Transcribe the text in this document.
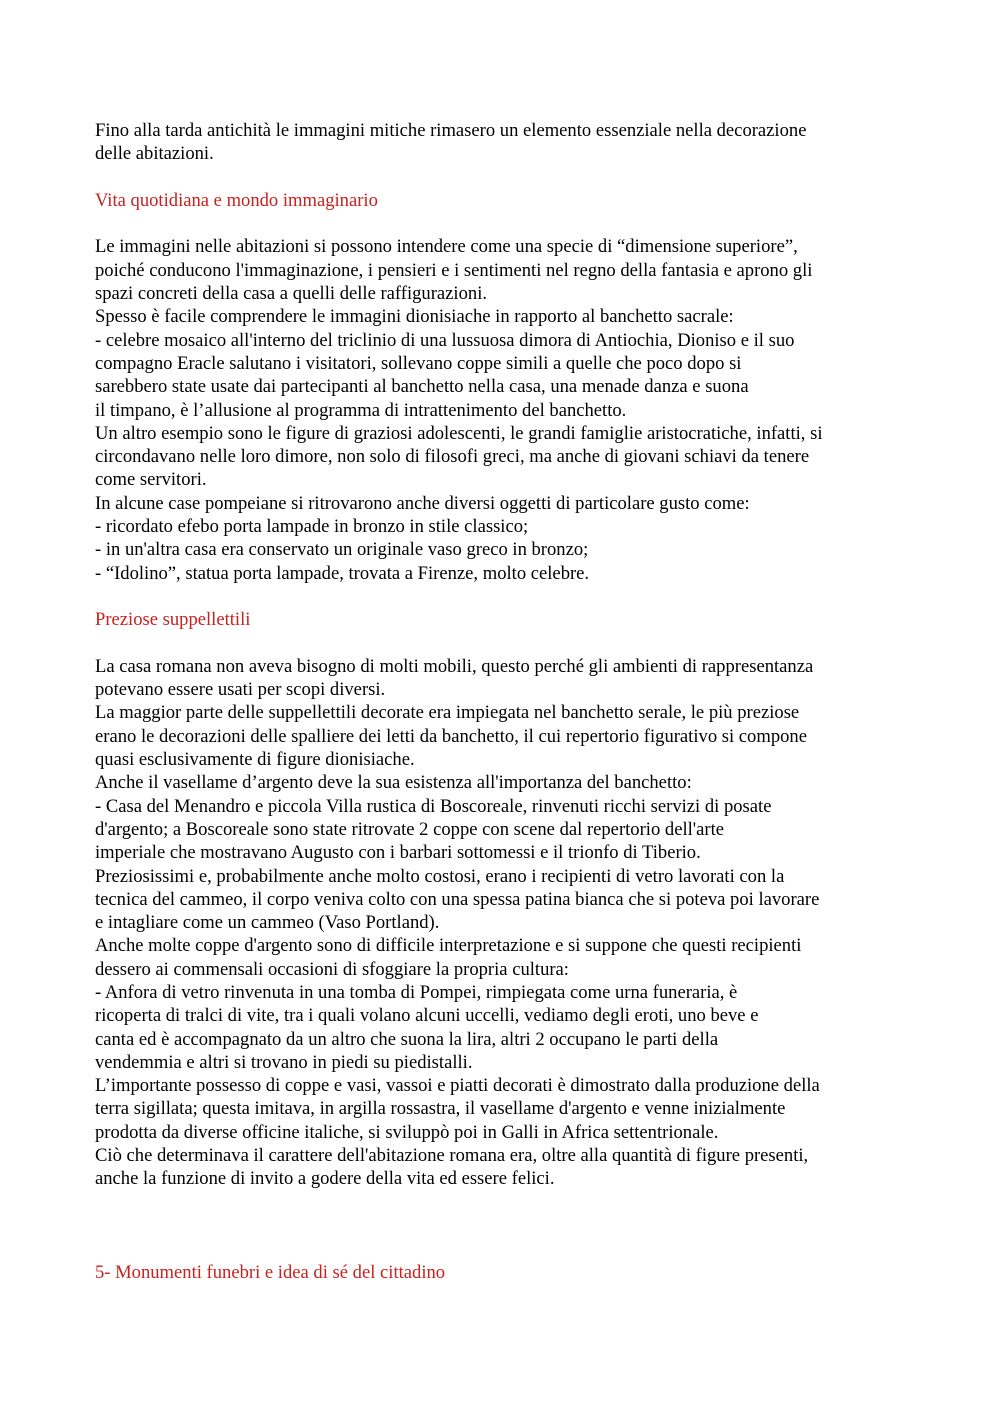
Fino alla tarda antichità le immagini mitiche rimasero un elemento essenziale nella decorazione
delle abitazioni.
Vita quotidiana e mondo immaginario
Le immagini nelle abitazioni si possono intendere come una specie di “dimensione superiore”,
poiché conducono l'immaginazione, i pensieri e i sentimenti nel regno della fantasia e aprono gli
spazi concreti della casa a quelli delle raffigurazioni.
Spesso è facile comprendere le immagini dionisiache in rapporto al banchetto sacrale:
- celebre mosaico all'interno del triclinio di una lussuosa dimora di Antiochia, Dioniso e il suo
compagno Eracle salutano i visitatori, sollevano coppe simili a quelle che poco dopo si
sarebbero state usate dai partecipanti al banchetto nella casa, una menade danza e suona
il timpano, è l’allusione al programma di intrattenimento del banchetto.
Un altro esempio sono le figure di graziosi adolescenti, le grandi famiglie aristocratiche, infatti, si
circondavano nelle loro dimore, non solo di filosofi greci, ma anche di giovani schiavi da tenere
come servitori.
In alcune case pompeiane si ritrovarono anche diversi oggetti di particolare gusto come:
- ricordato efebo porta lampade in bronzo in stile classico;
- in un'altra casa era conservato un originale vaso greco in bronzo;
- “Idolino”, statua porta lampade, trovata a Firenze, molto celebre.
Preziose suppellettili
La casa romana non aveva bisogno di molti mobili, questo perché gli ambienti di rappresentanza
potevano essere usati per scopi diversi.
La maggior parte delle suppellettili decorate era impiegata nel banchetto serale, le più preziose
erano le decorazioni delle spalliere dei letti da banchetto, il cui repertorio figurativo si compone
quasi esclusivamente di figure dionisiache.
Anche il vasellame d’argento deve la sua esistenza all'importanza del banchetto:
- Casa del Menandro e piccola Villa rustica di Boscoreale, rinvenuti ricchi servizi di posate
d'argento; a Boscoreale sono state ritrovate 2 coppe con scene dal repertorio dell'arte
imperiale che mostravano Augusto con i barbari sottomessi e il trionfo di Tiberio.
Preziosissimi e, probabilmente anche molto costosi, erano i recipienti di vetro lavorati con la
tecnica del cammeo, il corpo veniva colto con una spessa patina bianca che si poteva poi lavorare
e intagliare come un cammeo (Vaso Portland).
Anche molte coppe d'argento sono di difficile interpretazione e si suppone che questi recipienti
dessero ai commensali occasioni di sfoggiare la propria cultura:
- Anfora di vetro rinvenuta in una tomba di Pompei, rimpiegata come urna funeraria, è
ricoperta di tralci di vite, tra i quali volano alcuni uccelli, vediamo degli eroti, uno beve e
canta ed è accompagnato da un altro che suona la lira, altri 2 occupano le parti della
vendemmia e altri si trovano in piedi su piedistalli.
L’importante possesso di coppe e vasi, vassoi e piatti decorati è dimostrato dalla produzione della
terra sigillata; questa imitava, in argilla rossastra, il vasellame d'argento e venne inizialmente
prodotta da diverse officine italiche, si sviluppò poi in Galli in Africa settentrionale.
Ciò che determinava il carattere dell'abitazione romana era, oltre alla quantità di figure presenti,
anche la funzione di invito a godere della vita ed essere felici.
5- Monumenti funebri e idea di sé del cittadino
